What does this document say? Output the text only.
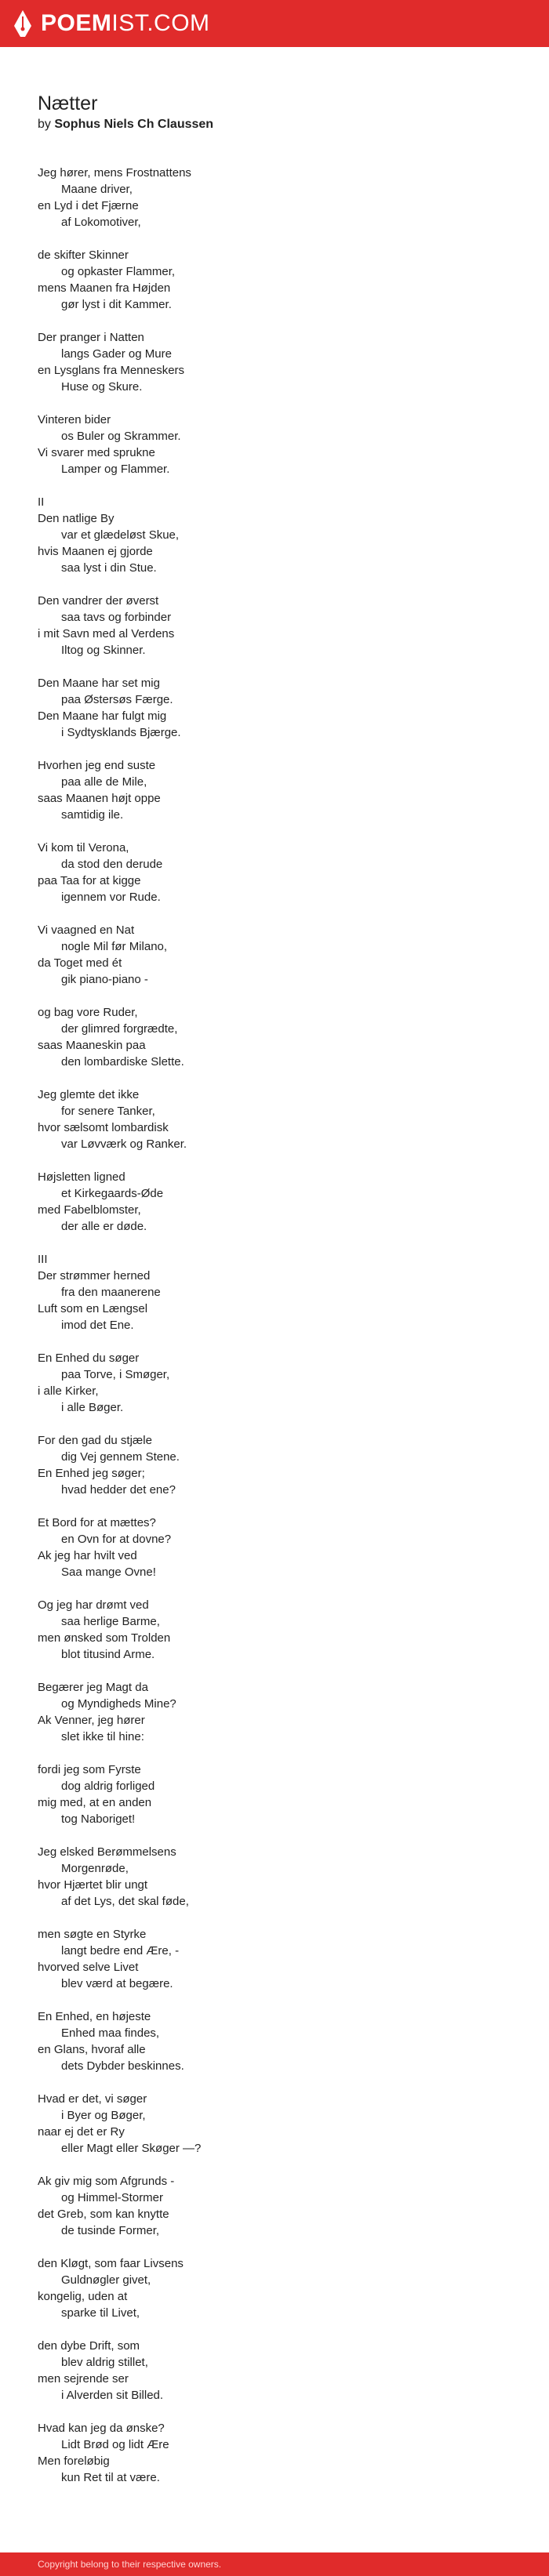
POEMIST.COM
Nætter
by Sophus Niels Ch Claussen
Jeg hører, mens Frostnattens
Maane driver,
en Lyd i det Fjærne
af Lokomotiver,
de skifter Skinner
og opkaster Flammer,
mens Maanen fra Højden
gør lyst i dit Kammer.
Der pranger i Natten
langs Gader og Mure
en Lysglans fra Menneskers
Huse og Skure.
Vinteren bider
os Buler og Skrammer.
Vi svarer med sprukne
Lamper og Flammer.
II
Den natlige By
var et glædeløst Skue,
hvis Maanen ej gjorde
saa lyst i din Stue.
Den vandrer der øverst
saa tavs og forbinder
i mit Savn med al Verdens
Iltog og Skinner.
Den Maane har set mig
paa Østersøs Færge.
Den Maane har fulgt mig
i Sydtysklands Bjærge.
Hvorhen jeg end suste
paa alle de Mile,
saas Maanen højt oppe
samtidig ile.
Vi kom til Verona,
da stod den derude
paa Taa for at kigge
igennem vor Rude.
Vi vaagned en Nat
nogle Mil før Milano,
da Toget med ét
gik piano-piano -
og bag vore Ruder,
der glimred forgrædte,
saas Maaneskin paa
den lombardiske Slette.
Jeg glemte det ikke
for senere Tanker,
hvor sælsomt lombardisk
var Løvværk og Ranker.
Højsletten ligned
et Kirkegaards-Øde
med Fabelblomster,
der alle er døde.
III
Der strømmer herned
fra den maanerene
Luft som en Længsel
imod det Ene.
En Enhed du søger
paa Torve, i Smøger,
i alle Kirker,
i alle Bøger.
For den gad du stjæle
dig Vej gennem Stene.
En Enhed jeg søger;
hvad hedder det ene?
Et Bord for at mættes?
en Ovn for at dovne?
Ak jeg har hvilt ved
Saa mange Ovne!
Og jeg har drømt ved
saa herlige Barme,
men ønsked som Trolden
blot titusind Arme.
Begærer jeg Magt da
og Myndigheds Mine?
Ak Venner, jeg hører
slet ikke til hine:
fordi jeg som Fyrste
dog aldrig forliged
mig med, at en anden
tog Naboriget!
Jeg elsked Berømmelsens
Morgenrøde,
hvor Hjærtet blir ungt
af det Lys, det skal føde,
men søgte en Styrke
langt bedre end Ære, -
hvorved selve Livet
blev værd at begære.
En Enhed, en højeste
Enhed maa findes,
en Glans, hvoraf alle
dets Dybder beskinnes.
Hvad er det, vi søger
i Byer og Bøger,
naar ej det er Ry
eller Magt eller Skøger —?
Ak giv mig som Afgrunds -
og Himmel-Stormer
det Greb, som kan knytte
de tusinde Former,
den Kløgt, som faar Livsens
Guldnøgler givet,
kongelig, uden at
sparke til Livet,
den dybe Drift, som
blev aldrig stillet,
men sejrende ser
i Alverden sit Billed.
Hvad kan jeg da ønske?
Lidt Brød og lidt Ære
Men foreløbig
kun Ret til at være.
Copyright belong to their respective owners.
